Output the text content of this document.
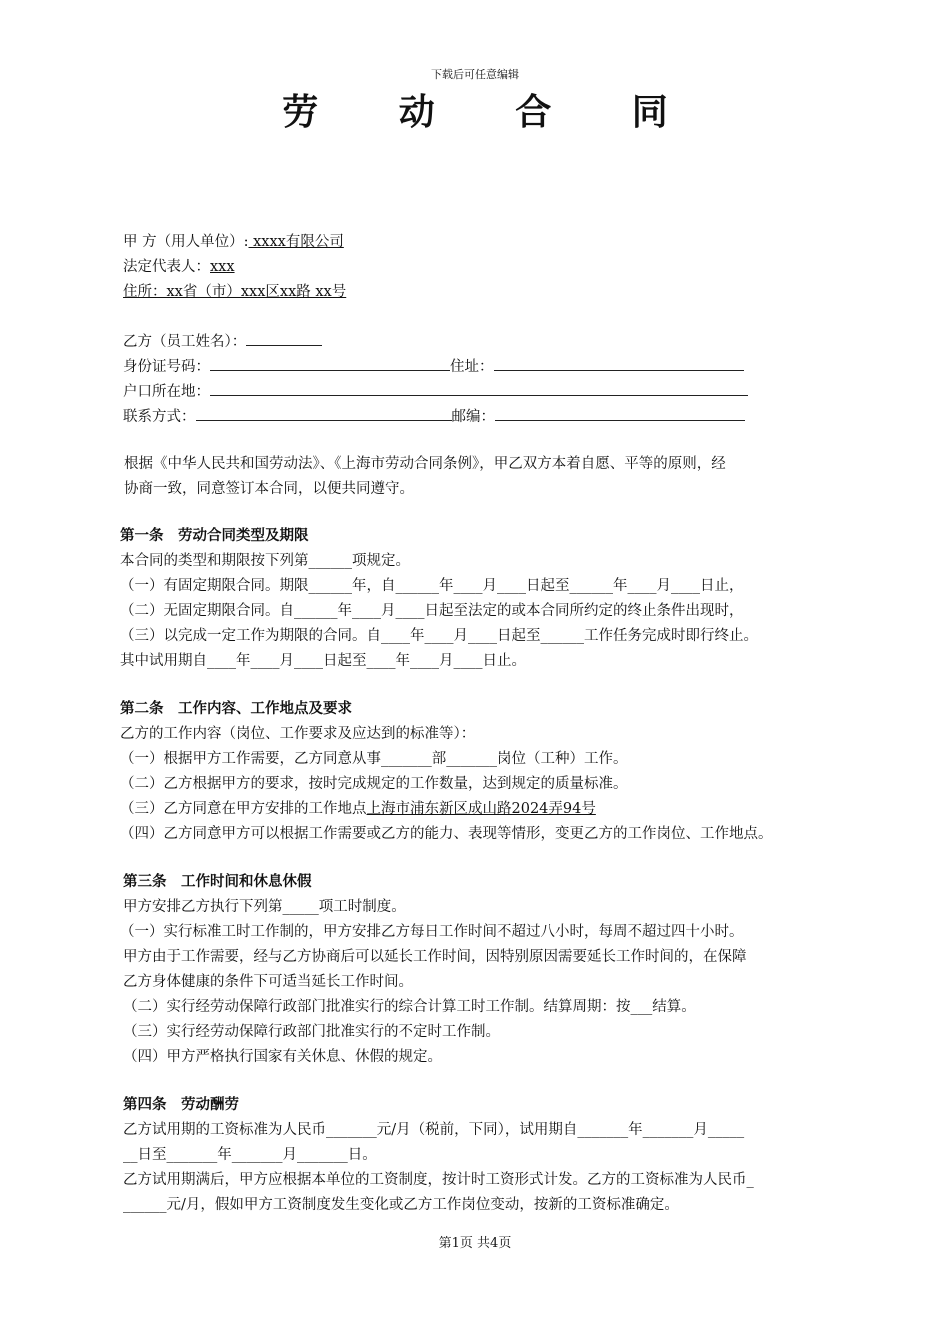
下载后可任意编辑
劳 动 合 同
甲 方（用人单位）: xxxx有限公司
法定代表人：xxx
住所：xx省（市）xxx区xx路 xx号
乙方（员工姓名）：
身份证号码：	住址：
户口所在地：
联系方式：	邮编：
根据《中华人民共和国劳动法》、《上海市劳动合同条例》，甲乙双方本着自愿、平等的原则，经
协商一致，同意签订本合同，以便共同遵守。
第一条　劳动合同类型及期限
本合同的类型和期限按下列第______项规定。
（一）有固定期限合同。期限______年，自______年____月____日起至______年____月____日止，
（二）无固定期限合同。自______年____月____日起至法定的或本合同所约定的终止条件出现时，
（三）以完成一定工作为期限的合同。自____年____月____日起至______工作任务完成时即行终止。
其中试用期自____年____月____日起至____年____月____日止。
第二条　工作内容、工作地点及要求
乙方的工作内容（岗位、工作要求及应达到的标准等）：
（一）根据甲方工作需要，乙方同意从事_______部_______岗位（工种）工作。
（二）乙方根据甲方的要求，按时完成规定的工作数量，达到规定的质量标准。
（三）乙方同意在甲方安排的工作地点上海市浦东新区成山路2024弄94号
（四）乙方同意甲方可以根据工作需要或乙方的能力、表现等情形，变更乙方的工作岗位、工作地点。
第三条　工作时间和休息休假
甲方安排乙方执行下列第_____项工时制度。
（一）实行标准工时工作制的，甲方安排乙方每日工作时间不超过八小时，每周不超过四十小时。
甲方由于工作需要，经与乙方协商后可以延长工作时间，因特别原因需要延长工作时间的，在保障
乙方身体健康的条件下可适当延长工作时间。
（二）实行经劳动保障行政部门批准实行的综合计算工时工作制。结算周期：按___结算。
（三）实行经劳动保障行政部门批准实行的不定时工作制。
（四）甲方严格执行国家有关休息、休假的规定。
第四条　劳动酬劳
乙方试用期的工资标准为人民币_______元/月（税前，下同），试用期自_______年_______月_____
__日至_______年_______月_______日。
乙方试用期满后，甲方应根据本单位的工资制度，按计时工资形式计发。乙方的工资标准为人民币_
______元/月，假如甲方工资制度发生变化或乙方工作岗位变动，按新的工资标准确定。
第1页 共4页
